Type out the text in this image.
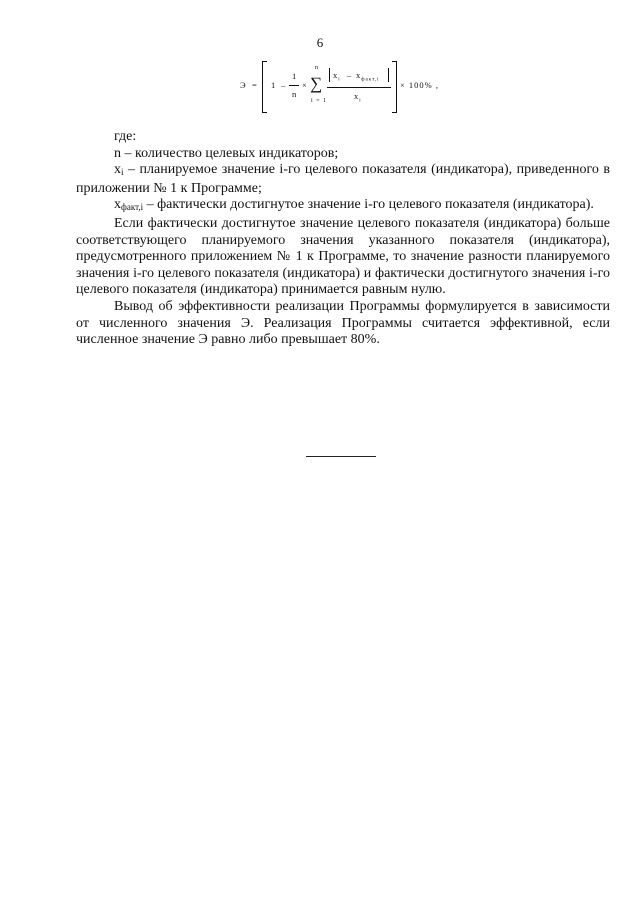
6
Э = 1 –
1
n
×
n
∑
i = 1
$x_i$
– $x_{факт,i}$
$x_i$
× 100% ,

где:

n – количество целевых индикаторов;

$x_i$ – планируемое значение i-го целевого показателя (индикатора), приведенного в приложении № 1 к Программе;

$x_{факт,i}$ – фактически достигнутое значение i-го целевого показателя (индикатора).

Если фактически достигнутое значение целевого показателя (индикатора) больше соответствующего планируемого значения указанного показателя (индикатора), предусмотренного приложением № 1 к Программе, то значение разности планируемого значения i-го целевого показателя (индикатора) и фактически достигнутого значения i-го целевого показателя (индикатора) принимается равным нулю.

Вывод об эффективности реализации Программы формулируется в зависимости от численного значения Э. Реализация Программы считается эффективной, если численное значение Э равно либо превышает 80%.
